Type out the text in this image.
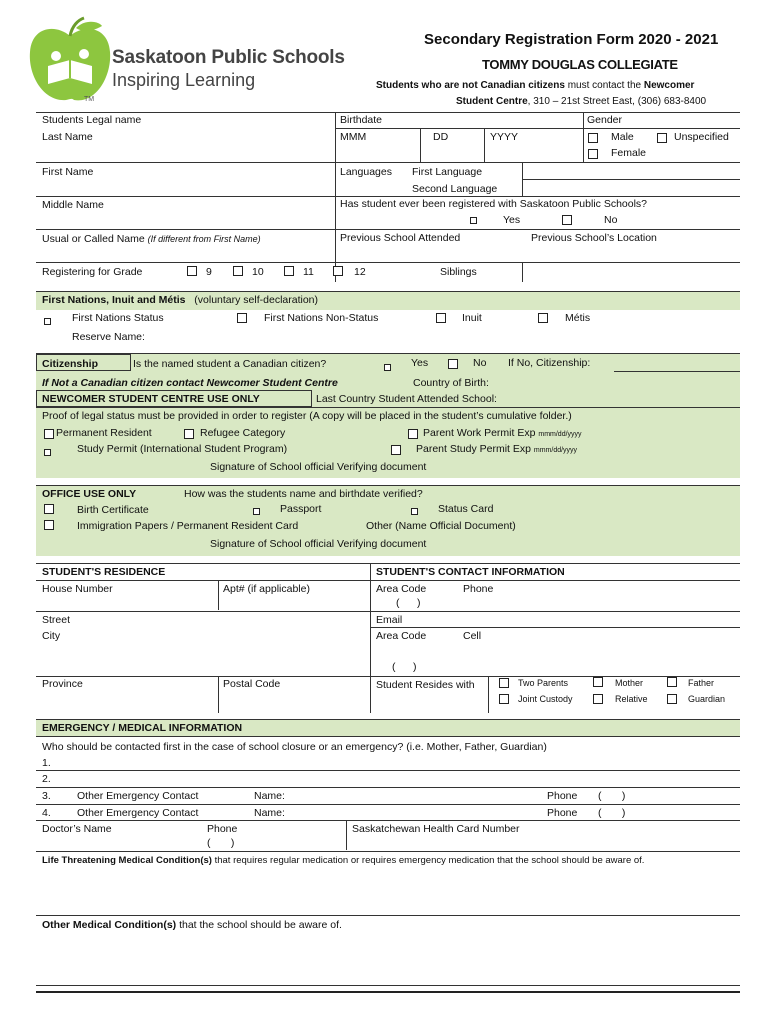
TM
Saskatoon Public Schools
Inspiring Learning
Secondary Registration Form 2020 - 2021
TOMMY DOUGLAS COLLEGIATE
Students who are not Canadian citizens must contact the Newcomer
Student Centre, 310 – 21st Street East, (306) 683-8400
Students Legal name
Last Name
Birthdate
MMM	DD	YYYY
Gender
Male	Unspecified
Female
First Name	Languages First Language
Second Language
Middle Name	Has student ever been registered with Saskatoon Public Schools?
Yes	No
Usual or Called Name (If different from First Name)	Previous School Attended	Previous School’s Location
Registering for Grade	9	10	11	12	Siblings
First Nations, Inuit and Métis (voluntary self-declaration)
First Nations Status	First Nations Non-Status	Inuit	Métis
Reserve Name:
Citizenship	Is the named student a Canadian citizen?	Yes	No If No, Citizenship:
If Not a Canadian citizen contact Newcomer Student Centre	Country of Birth:
NEWCOMER STUDENT CENTRE USE ONLY	Last Country Student Attended School:
Proof of legal status must be provided in order to register (A copy will be placed in the student’s cumulative folder.)
Permanent Resident	Refugee Category	Parent Work Permit Exp mmm/dd/yyyy
Study Permit (International Student Program)	Parent Study Permit Exp mmm/dd/yyyy
Signature of School official Verifying document
OFFICE USE ONLY	How was the students name and birthdate verified?
Birth Certificate	Passport	Status Card
Immigration Papers / Permanent Resident Card	Other (Name Official Document)
Signature of School official Verifying document
STUDENT'S RESIDENCE	STUDENT'S CONTACT INFORMATION
House Number	Apt# (if applicable)
Street
City
Province	Postal Code
Area Code	Phone
(      )
Email
Area Code	Cell
(      )
Student Resides with	Two Parents	Mother	Father
Joint Custody	Relative	Guardian
EMERGENCY / MEDICAL INFORMATION
Who should be contacted first in the case of school closure or an emergency? (i.e. Mother, Father, Guardian)
1.
2.
3. Other Emergency Contact	Name:	Phone (       )
4. Other Emergency Contact	Name:	Phone (       )
Doctor’s Name	Phone
(       )
Saskatchewan Health Card Number
Life Threatening Medical Condition(s) that requires regular medication or requires emergency medication that the school should be aware of.
Other Medical Condition(s) that the school should be aware of.
